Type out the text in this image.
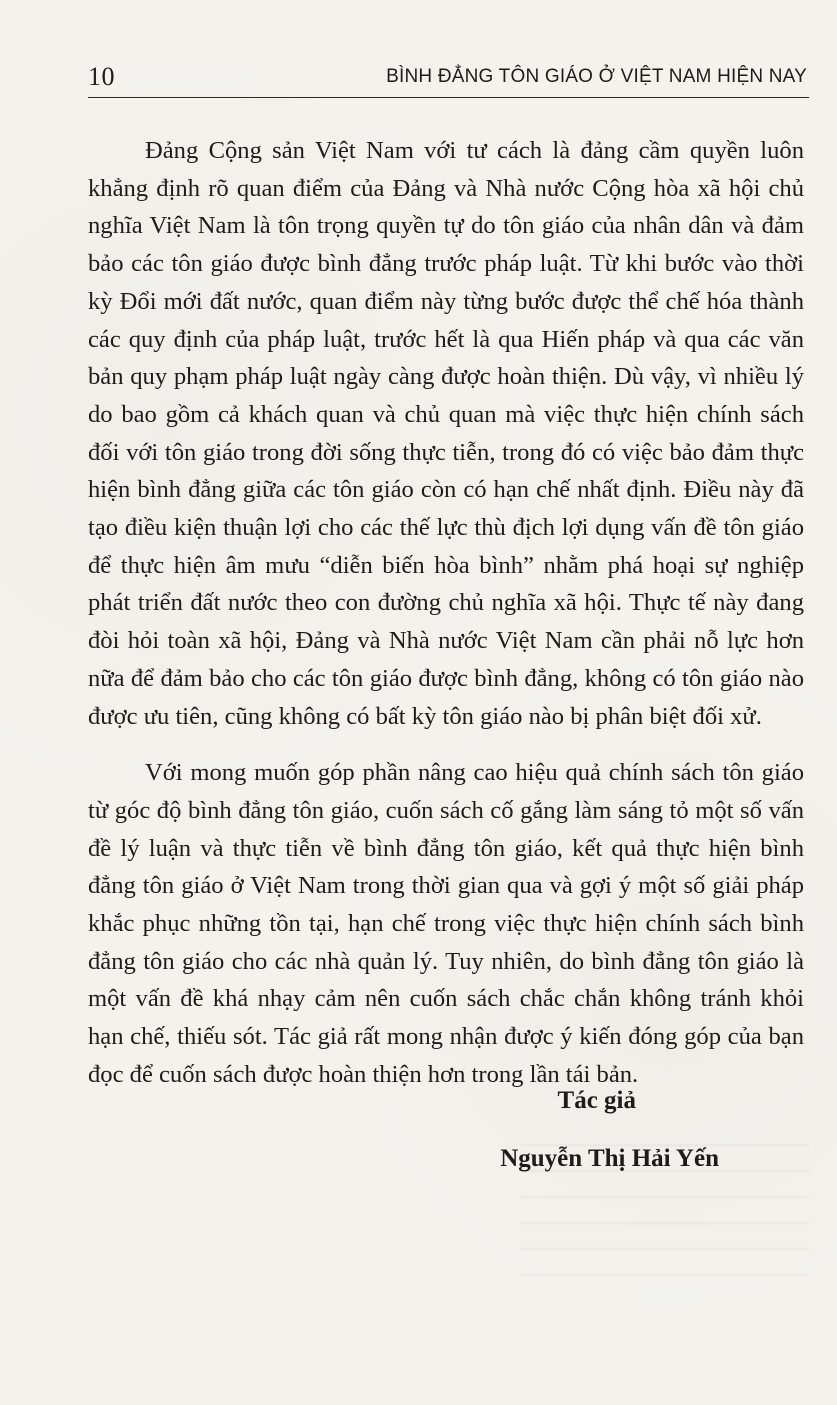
10	BÌNH ĐẲNG TÔN GIÁO Ở VIỆT NAM HIỆN NAY

Đảng Cộng sản Việt Nam với tư cách là đảng cầm quyền luôn khẳng định rõ quan điểm của Đảng và Nhà nước Cộng hòa xã hội chủ nghĩa Việt Nam là tôn trọng quyền tự do tôn giáo của nhân dân và đảm bảo các tôn giáo được bình đẳng trước pháp luật. Từ khi bước vào thời kỳ Đổi mới đất nước, quan điểm này từng bước được thể chế hóa thành các quy định của pháp luật, trước hết là qua Hiến pháp và qua các văn bản quy phạm pháp luật ngày càng được hoàn thiện. Dù vậy, vì nhiều lý do bao gồm cả khách quan và chủ quan mà việc thực hiện chính sách đối với tôn giáo trong đời sống thực tiễn, trong đó có việc bảo đảm thực hiện bình đẳng giữa các tôn giáo còn có hạn chế nhất định. Điều này đã tạo điều kiện thuận lợi cho các thế lực thù địch lợi dụng vấn đề tôn giáo để thực hiện âm mưu “diễn biến hòa bình” nhằm phá hoại sự nghiệp phát triển đất nước theo con đường chủ nghĩa xã hội. Thực tế này đang đòi hỏi toàn xã hội, Đảng và Nhà nước Việt Nam cần phải nỗ lực hơn nữa để đảm bảo cho các tôn giáo được bình đẳng, không có tôn giáo nào được ưu tiên, cũng không có bất kỳ tôn giáo nào bị phân biệt đối xử.

Với mong muốn góp phần nâng cao hiệu quả chính sách tôn giáo từ góc độ bình đẳng tôn giáo, cuốn sách cố gắng làm sáng tỏ một số vấn đề lý luận và thực tiễn về bình đẳng tôn giáo, kết quả thực hiện bình đẳng tôn giáo ở Việt Nam trong thời gian qua và gợi ý một số giải pháp khắc phục những tồn tại, hạn chế trong việc thực hiện chính sách bình đẳng tôn giáo cho các nhà quản lý. Tuy nhiên, do bình đẳng tôn giáo là một vấn đề khá nhạy cảm nên cuốn sách chắc chắn không tránh khỏi hạn chế, thiếu sót. Tác giả rất mong nhận được ý kiến đóng góp của bạn đọc để cuốn sách được hoàn thiện hơn trong lần tái bản.

Tác giả
Nguyễn Thị Hải Yến
